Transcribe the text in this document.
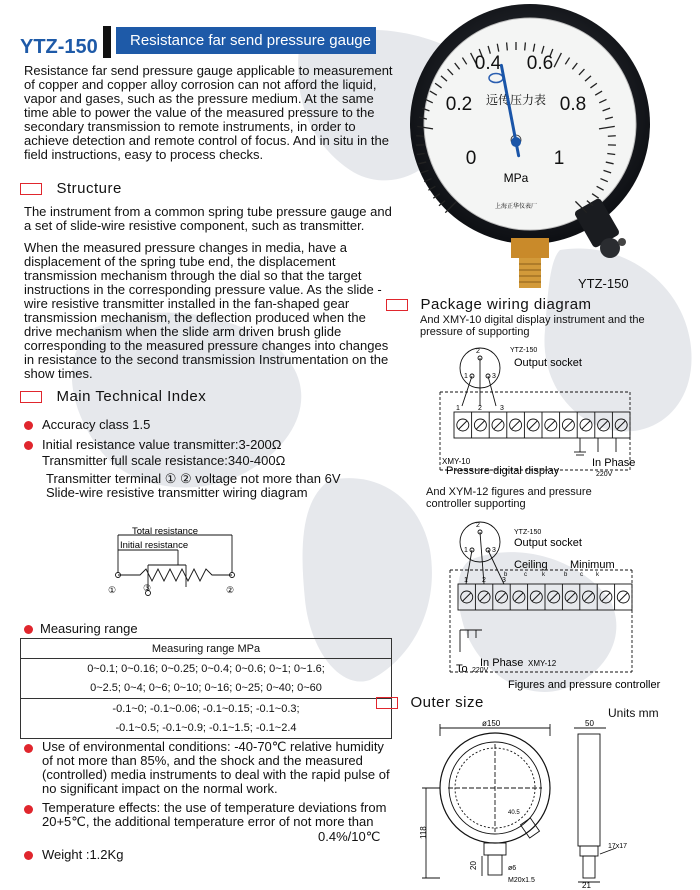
YTZ-150	Resistance far send pressure gauge
Resistance far send pressure gauge applicable to measurement of copper and copper alloy corrosion can not afford the liquid, vapor and gases, such as the pressure medium. At the same time able to power the value of the measured pressure to the secondary transmission to remote instruments, in order to achieve detection and remote control of focus. And in situ in the field instructions, easy to process checks.	0
0.2
0.4 0.6
0.8
1
远传压力表
MPa
上海正华仪表厂
YTZ-150
Structure
The instrument from a common spring tube pressure gauge and a set of slide-wire resistive component, such as transmitter.
When the measured pressure changes in media, have a displacement of the spring tube end, the displacement transmission mechanism through the dial so that the target instructions in the corresponding pressure value. As the slide -wire resistive transmitter installed in the fan-shaped gear transmission mechanism, the deflection produced when the drive mechanism when the slide arm driven brush glide corresponding to the measured pressure changes into changes in resistance to the second transmission Instrumentation on the show times.
Main Technical Index
Accuracy class 1.5
Initial resistance value transmitter:3-200Ω
Transmitter full scale resistance:340-400Ω
Transmitter terminal ① ② voltage not more than 6V
Slide-wire resistive transmitter wiring diagram
Total resistance
Initial resistance
①	②
③
Measuring range
Measuring range MPa
0~0.1; 0~0.16; 0~0.25; 0~0.4; 0~0.6; 0~1; 0~1.6;
0~2.5; 0~4; 0~6; 0~10; 0~16; 0~25; 0~40; 0~60
-0.1~0; -0.1~0.06; -0.1~0.15; -0.1~0.3;
-0.1~0.5; -0.1~0.9; -0.1~1.5; -0.1~2.4
Use of environmental conditions: -40-70℃ relative humidity of not more than 85%, and the shock and the measured (controlled) media instruments to deal with the rapid pulse of no significant impact on the normal work.
Temperature effects: the use of temperature deviations from 20+5℃, the additional temperature error of not more than
0.4%/10℃
Weight :1.2Kg
Package wiring diagram
And XMY-10 digital display instrument and the pressure of supporting
2
1	3
YTZ-150
Output socket
1	2	3
XMY-10
Pressure digital display
In Phase
220V
And XYM-12 figures and pressure controller supporting
2
1	3
YTZ-150
Output socket
Ceiling Minimum
b	c	k	b c k
1 2 3
In Phase
To 220V
XMY-12
Figures and pressure controller
Outer size
Units mm
ø150	50
118
20	ø6
M20x1.5
21
17x17
40.5
